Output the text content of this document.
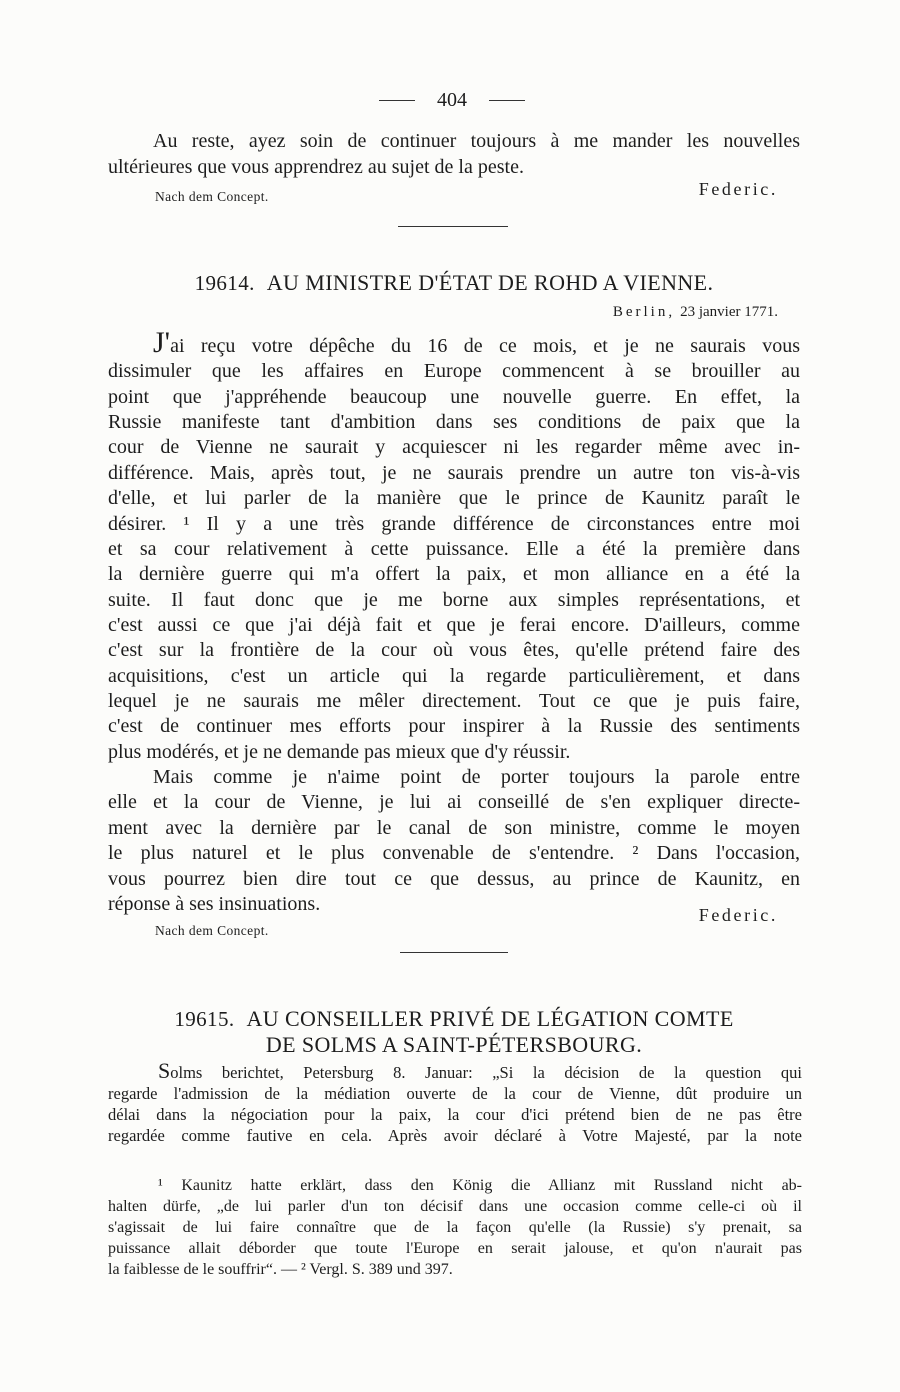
404
Au reste, ayez soin de continuer toujours à me mander les nouvelles
ultérieures que vous apprendrez au sujet de la peste.
Nach dem Concept.	Federic.
19614. AU MINISTRE D'ÉTAT DE ROHD A VIENNE.
Berlin, 23 janvier 1771.
J'ai reçu votre dépêche du 16 de ce mois, et je ne saurais vous
dissimuler que les affaires en Europe commencent à se brouiller au
point que j'appréhende beaucoup une nouvelle guerre. En effet, la
Russie manifeste tant d'ambition dans ses conditions de paix que la
cour de Vienne ne saurait y acquiescer ni les regarder même avec in-
différence. Mais, après tout, je ne saurais prendre un autre ton vis-à-vis
d'elle, et lui parler de la manière que le prince de Kaunitz paraît le
désirer. ¹ Il y a une très grande différence de circonstances entre moi
et sa cour relativement à cette puissance. Elle a été la première dans
la dernière guerre qui m'a offert la paix, et mon alliance en a été la
suite. Il faut donc que je me borne aux simples représentations, et
c'est aussi ce que j'ai déjà fait et que je ferai encore. D'ailleurs, comme
c'est sur la frontière de la cour où vous êtes, qu'elle prétend faire des
acquisitions, c'est un article qui la regarde particulièrement, et dans
lequel je ne saurais me mêler directement. Tout ce que je puis faire,
c'est de continuer mes efforts pour inspirer à la Russie des sentiments
plus modérés, et je ne demande pas mieux que d'y réussir.
Mais comme je n'aime point de porter toujours la parole entre
elle et la cour de Vienne, je lui ai conseillé de s'en expliquer directe-
ment avec la dernière par le canal de son ministre, comme le moyen
le plus naturel et le plus convenable de s'entendre. ² Dans l'occasion,
vous pourrez bien dire tout ce que dessus, au prince de Kaunitz, en
réponse à ses insinuations.
Federic.
Nach dem Concept.
19615. AU CONSEILLER PRIVÉ DE LÉGATION COMTE
DE SOLMS A SAINT-PÉTERSBOURG.
Solms berichtet, Petersburg 8. Januar: „Si la décision de la question qui
regarde l'admission de la médiation ouverte de la cour de Vienne, dût produire un
délai dans la négociation pour la paix, la cour d'ici prétend bien de ne pas être
regardée comme fautive en cela. Après avoir déclaré à Votre Majesté, par la note
¹ Kaunitz hatte erklärt, dass den König die Allianz mit Russland nicht ab-
halten dürfe, „de lui parler d'un ton décisif dans une occasion comme celle-ci où il
s'agissait de lui faire connaître que de la façon qu'elle (la Russie) s'y prenait, sa
puissance allait déborder que toute l'Europe en serait jalouse, et qu'on n'aurait pas
la faiblesse de le souffrir“. — ² Vergl. S. 389 und 397.
